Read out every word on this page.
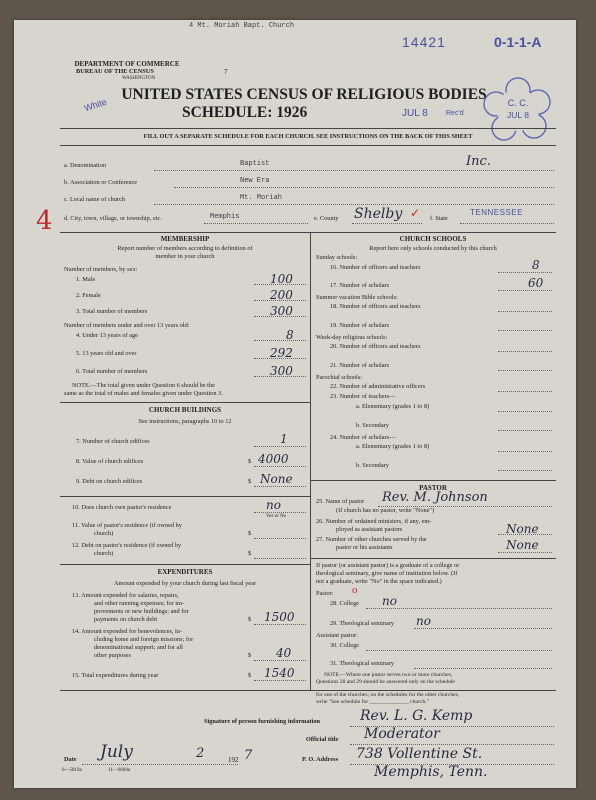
4 Mt. Moriah Bapt. Church
14421	0-1-1-A
DEPARTMENT OF COMMERCE
BUREAU OF THE CENSUS	7
WASHINGTON
White
UNITED STATES CENSUS OF RELIGIOUS BODIES
SCHEDULE: 1926	JUL 8	Rec'd
C. C.
JUL 8
FILL OUT A SEPARATE SCHEDULE FOR EACH CHURCH. SEE INSTRUCTIONS ON THE BACK OF THIS SHEET
a. Denomination	Baptist	Inc.
b. Association or Conference	New Era
c. Local name of church	Mt. Moriah
4 d. City, town, village, or township, etc.	Memphis	e. County Shelby ✓ f. State
TENNESSEE
MEMBERSHIP
Report number of members according to definition of
member in your church
Number of members, by sex:
1. Male	100
2. Female	200
3. Total number of members	300
Number of members under and over 13 years old:
4. Under 13 years of age	8
5. 13 years old and over	292
6. Total number of members	300
NOTE.—The total given under Question 6 should be the
same as the total of males and females given under Question 3.
CHURCH BUILDINGS
See instructions, paragraphs 10 to 12
7. Number of church edifices	1
8. Value of church edifices	$ 4000
9. Debt on church edifices	$ None
10. Does church own pastor's residence	no
Yes or No
11. Value of pastor's residence (if owned by
church)	$
12. Debt on pastor's residence (if owned by
church)	$
EXPENDITURES
Amount expended by your church during last fiscal year
13. Amount expended for salaries, repairs,
and other running expenses; for im-
provements or new buildings; and for
payments on church debt	$ 1500
14. Amount expended for benevolences, in-
cluding home and foreign missions; for
denominational support; and for all
other purposes	$ 40
15. Total expenditures during year	$ 1540
CHURCH SCHOOLS
Report here only schools conducted by this church
Sunday schools:
16. Number of officers and teachers	8
17. Number of scholars	60
Summer vacation Bible schools:
18. Number of officers and teachers
19. Number of scholars
Week-day religious schools:
20. Number of officers and teachers
21. Number of scholars
Parochial schools:
22. Number of administrative officers
23. Number of teachers—
a. Elementary (grades 1 to 8)
b. Secondary
24. Number of scholars—
a. Elementary (grades 1 to 8)
b. Secondary
PASTOR
25. Name of pastor Rev. M. Johnson
(If church has no pastor, write "None")
26. Number of ordained ministers, if any, em-
ployed as assistant pastors	None
27. Number of other churches served by the
pastor or his assistants	None
If pastor (or assistant pastor) is a graduate of a college or
theological seminary, give name of institution below. (If
not a graduate, write "No" in the space indicated.)
Pastor: o
28. College no
29. Theological seminary no
Assistant pastor:
30. College
31. Theological seminary
NOTE.—Where one pastor serves two or more churches,
Questions 28 and 29 should be answered only on the schedule
for one of the churches; on the schedules for the other churches,
write "See schedule for ______________ church."
Signature of person furnishing information	Rev. L. G. Kemp
Official title Moderator
Date July	2	192 7	P. O. Address 738 Vollentine St.
Memphis, Tenn.
6—5819a	11—6004a
